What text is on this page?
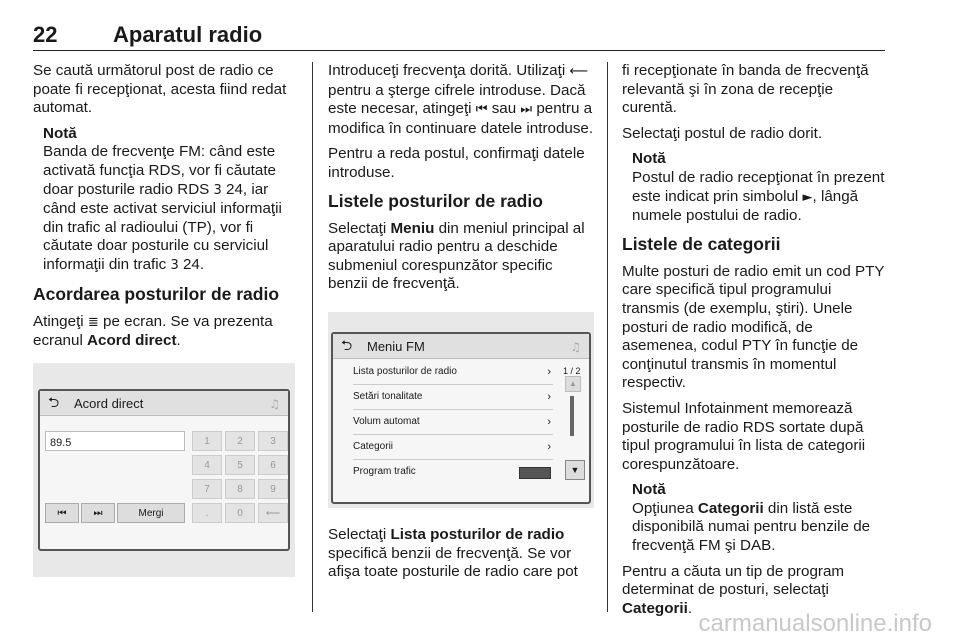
22	Aparatul radio

Se caută următorul post de radio ce poate fi recepţionat, acesta fiind redat automat.

Notă
Banda de frecvenţe FM: când este activată funcţia RDS, vor fi căutate doar posturile radio RDS 3 24, iar când este activat serviciul informaţii din trafic al radioului (TP), vor fi căutate doar posturile cu serviciul informaţii din trafic 3 24.
Acordarea posturilor de radio

Atingeţi ≣ pe ecran. Se va prezenta ecranul Acord direct.

⮌ Acord direct	♫
89.5	1	2	3
4	5	6
7	8	9
.	0	⟵
⏮	⏭	Mergi

Introduceţi frecvenţa dorită. Utilizaţi ⟵ pentru a şterge cifrele introduse. Dacă este necesar, atingeţi ⏮ sau ⏭ pentru a modifica în continuare datele introduse.

Pentru a reda postul, confirmaţi datele introduse.

Listele posturilor de radio

Selectaţi Meniu din meniul principal al aparatului radio pentru a deschide submeniul corespunzător specific benzii de frecvenţă.

⮌ Meniu FM	♫
Lista posturilor de radio	›
Setări tonalitate	›
Volum automat	›
Categorii	›
Program trafic
1 / 2
▲
▼

Selectaţi Lista posturilor de radio specifică benzii de frecvenţă. Se vor afişa toate posturile de radio care pot

fi recepţionate în banda de frecvenţă relevantă şi în zona de recepţie curentă.

Selectaţi postul de radio dorit.

Notă
Postul de radio recepţionat în prezent este indicat prin simbolul ►, lângă numele postului de radio.
Listele de categorii

Multe posturi de radio emit un cod PTY care specifică tipul programului transmis (de exemplu, ştiri). Unele posturi de radio modifică, de asemenea, codul PTY în funcţie de conţinutul transmis în momentul respectiv.

Sistemul Infotainment memorează posturile de radio RDS sortate după tipul programului în lista de categorii corespunzătoare.

Notă
Opţiunea Categorii din listă este disponibilă numai pentru benzile de frecvenţă FM şi DAB.

Pentru a căuta un tip de program determinat de posturi, selectaţi Categorii.

carmanualsonline.info
